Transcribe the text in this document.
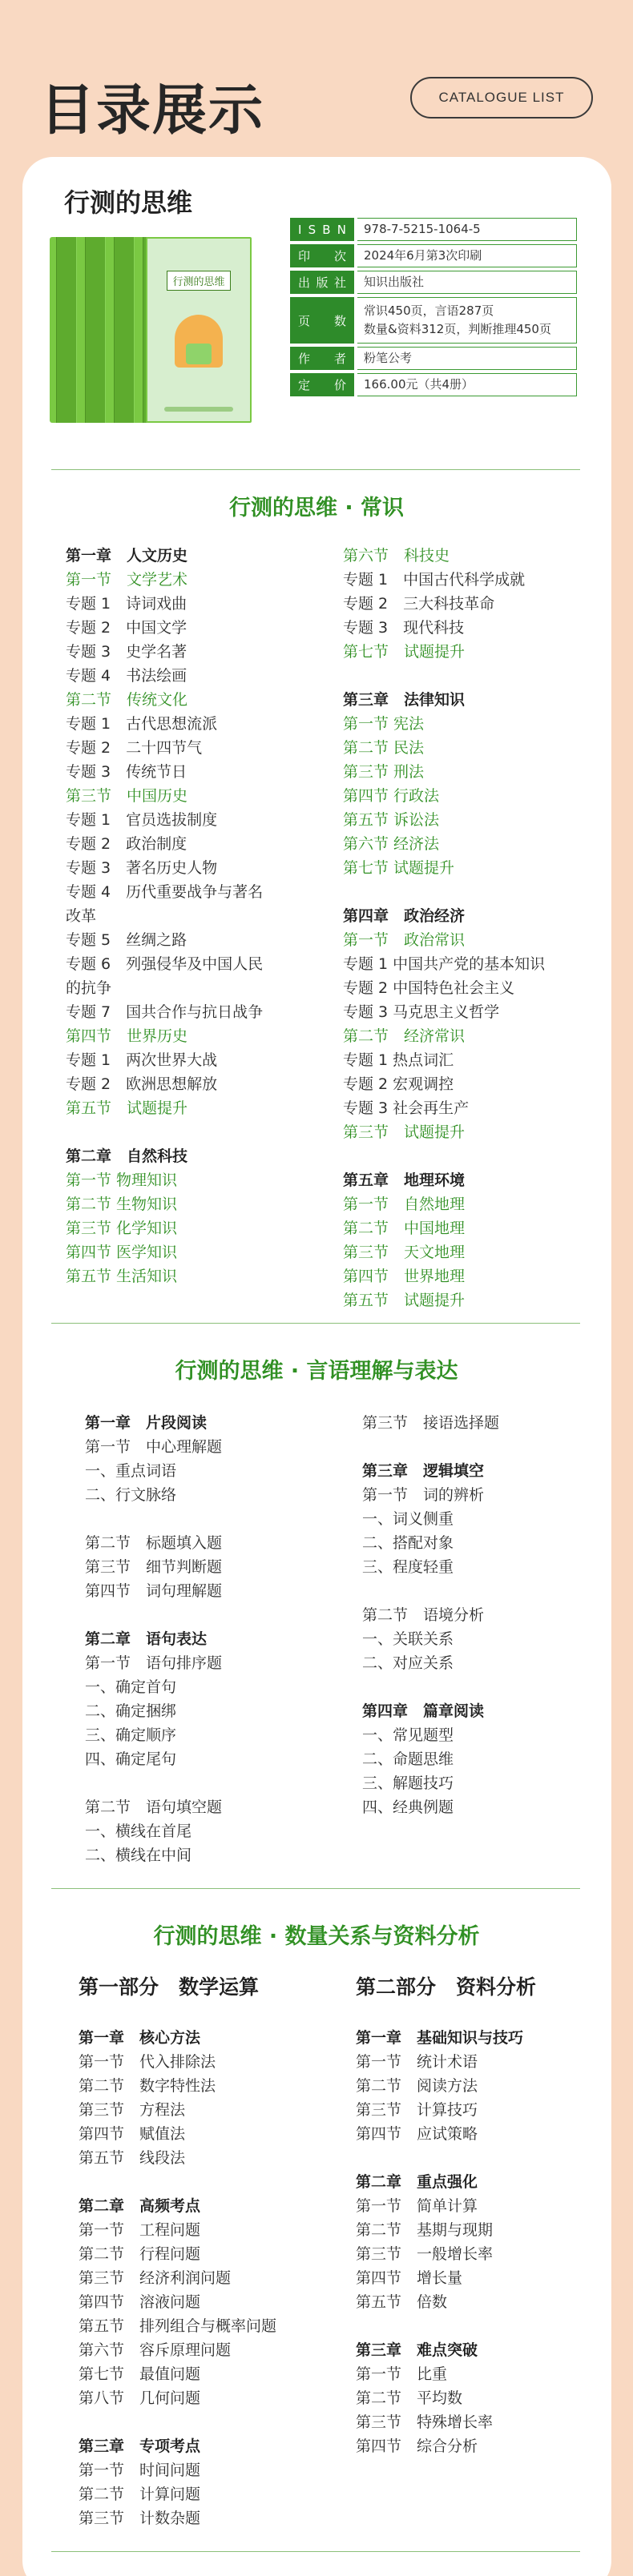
目录展示	CATALOGUE LIST
行测的思维
行测的思维
I S B N 978-7-5215-1064-5
印 次 2024年6月第3次印刷
出 版 社 知识出版社
页 数
常识450页，言语287页
数量&资料312页，判断推理450页
作 者 粉笔公考
定 价 166.00元（共4册）
行测的思维 · 常识
第一章　人文历史
第一节　文学艺术
专题 1　诗词戏曲
专题 2　中国文学
专题 3　史学名著
专题 4　书法绘画
第二节　传统文化
专题 1　古代思想流派
专题 2　二十四节气
专题 3　传统节日
第三节　中国历史
专题 1　官员选拔制度
专题 2　政治制度
专题 3　著名历史人物
专题 4　历代重要战争与著名
改革
专题 5　丝绸之路
专题 6　列强侵华及中国人民
的抗争
专题 7　国共合作与抗日战争
第四节　世界历史
专题 1　两次世界大战
专题 2　欧洲思想解放
第五节　试题提升
第二章　自然科技
第一节 物理知识
第二节 生物知识
第三节 化学知识
第四节 医学知识
第五节 生活知识
第六节　科技史
专题 1　中国古代科学成就
专题 2　三大科技革命
专题 3　现代科技
第七节　试题提升
第三章　法律知识
第一节 宪法
第二节 民法
第三节 刑法
第四节 行政法
第五节 诉讼法
第六节 经济法
第七节 试题提升
第四章　政治经济
第一节　政治常识
专题 1 中国共产党的基本知识
专题 2 中国特色社会主义
专题 3 马克思主义哲学
第二节　经济常识
专题 1 热点词汇
专题 2 宏观调控
专题 3 社会再生产
第三节　试题提升
第五章　地理环境
第一节　自然地理
第二节　中国地理
第三节　天文地理
第四节　世界地理
第五节　试题提升
行测的思维 · 言语理解与表达
第一章　片段阅读
第一节　中心理解题
一、重点词语
二、行文脉络
第二节　标题填入题
第三节　细节判断题
第四节　词句理解题
第二章　语句表达
第一节　语句排序题
一、确定首句
二、确定捆绑
三、确定顺序
四、确定尾句
第二节　语句填空题
一、横线在首尾
二、横线在中间
第三节　接语选择题
第三章　逻辑填空
第一节　词的辨析
一、词义侧重
二、搭配对象
三、程度轻重
第二节　语境分析
一、关联关系
二、对应关系
第四章　篇章阅读
一、常见题型
二、命题思维
三、解题技巧
四、经典例题
行测的思维 · 数量关系与资料分析
第一部分　数学运算
第一章　核心方法
第一节　代入排除法
第二节　数字特性法
第三节　方程法
第四节　赋值法
第五节　线段法
第二章　高频考点
第一节　工程问题
第二节　行程问题
第三节　经济利润问题
第四节　溶液问题
第五节　排列组合与概率问题
第六节　容斥原理问题
第七节　最值问题
第八节　几何问题
第三章　专项考点
第一节　时间问题
第二节　计算问题
第三节　计数杂题
第二部分　资料分析
第一章　基础知识与技巧
第一节　统计术语
第二节　阅读方法
第三节　计算技巧
第四节　应试策略
第二章　重点强化
第一节　简单计算
第二节　基期与现期
第三节　一般增长率
第四节　增长量
第五节　倍数
第三章　难点突破
第一节　比重
第二节　平均数
第三节　特殊增长率
第四节　综合分析
